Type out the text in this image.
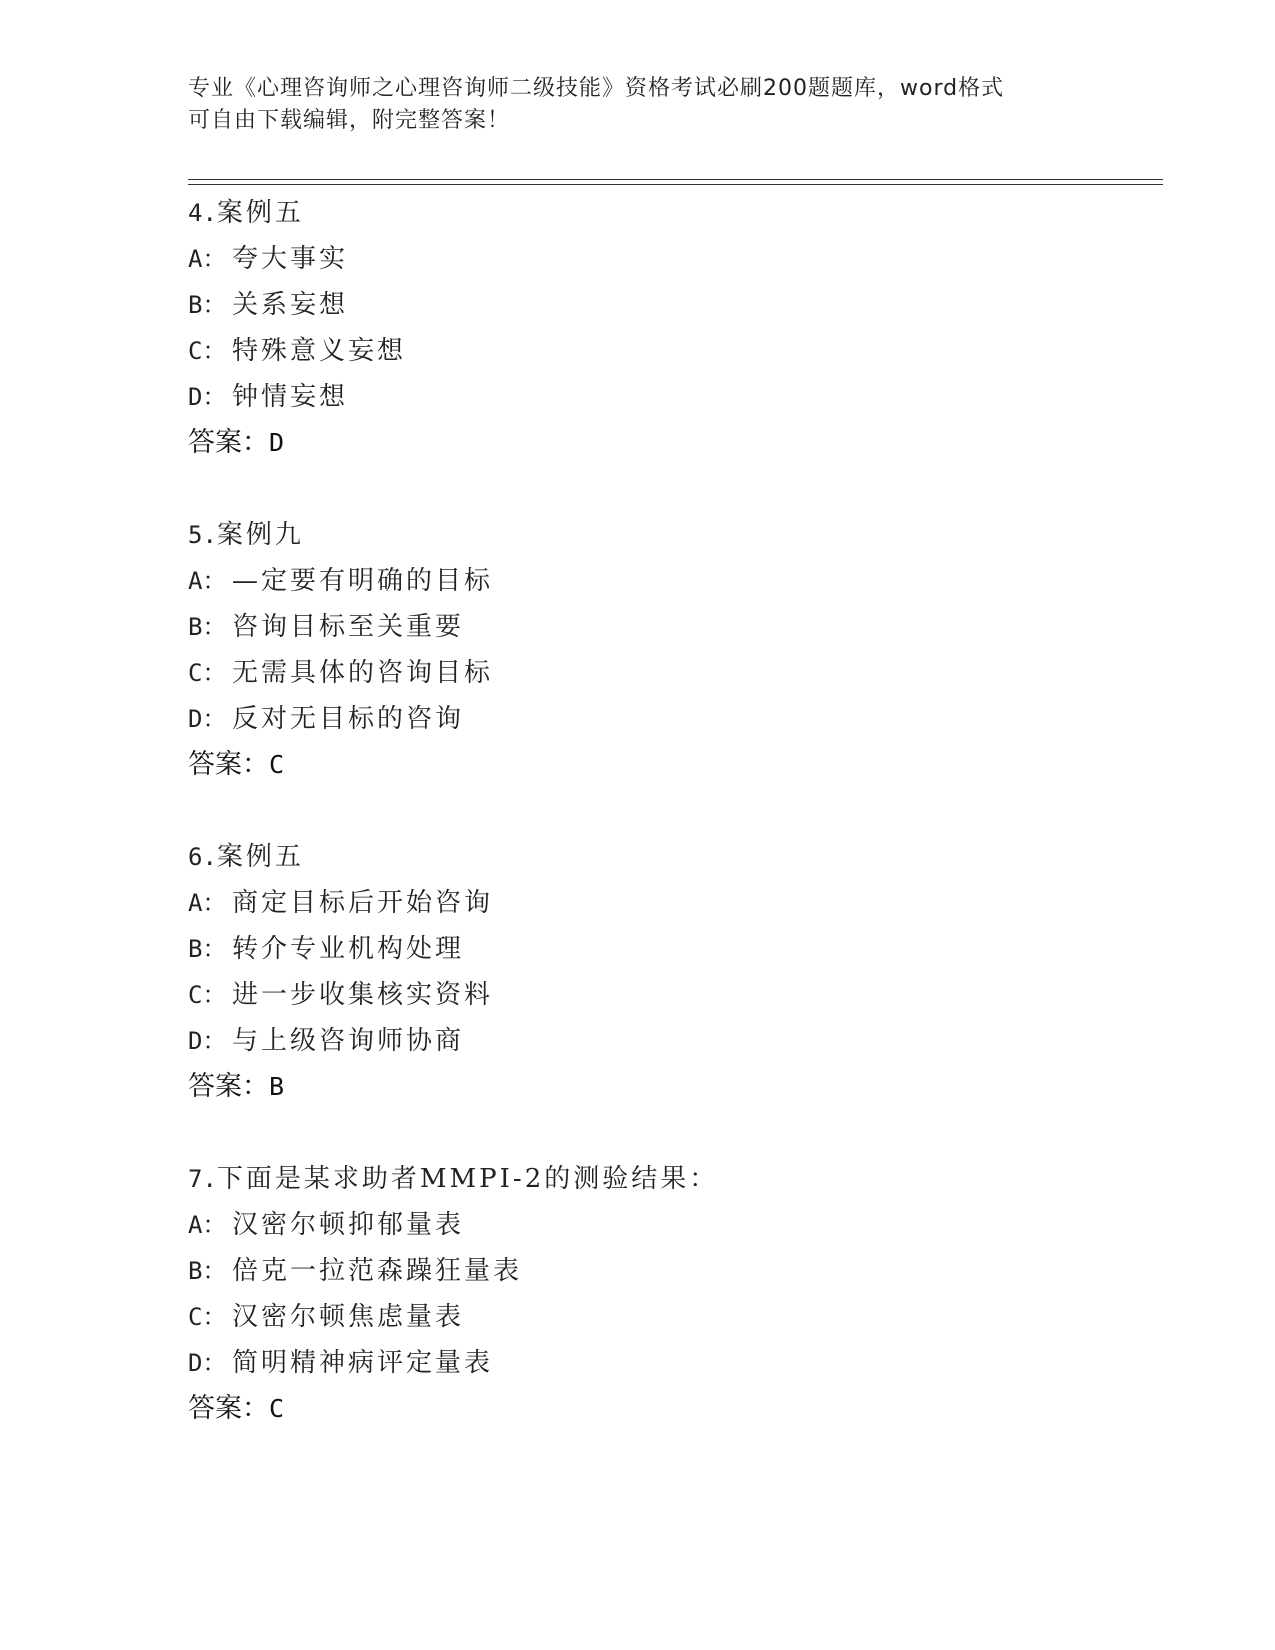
专业《心理咨询师之心理咨询师二级技能》资格考试必刷200题题库，word格式
可自由下载编辑，附完整答案！
4.案例五
A： 夸大事实
B： 关系妄想
C： 特殊意义妄想
D： 钟情妄想
答案：D
5.案例九
A： —定要有明确的目标
B： 咨询目标至关重要
C： 无需具体的咨询目标
D： 反对无目标的咨询
答案：C
6.案例五
A： 商定目标后开始咨询
B： 转介专业机构处理
C： 进一步收集核实资料
D： 与上级咨询师协商
答案：B
7.下面是某求助者MMPI-2的测验结果：
A： 汉密尔顿抑郁量表
B： 倍克一拉范森躁狂量表
C： 汉密尔顿焦虑量表
D： 简明精神病评定量表
答案：C
